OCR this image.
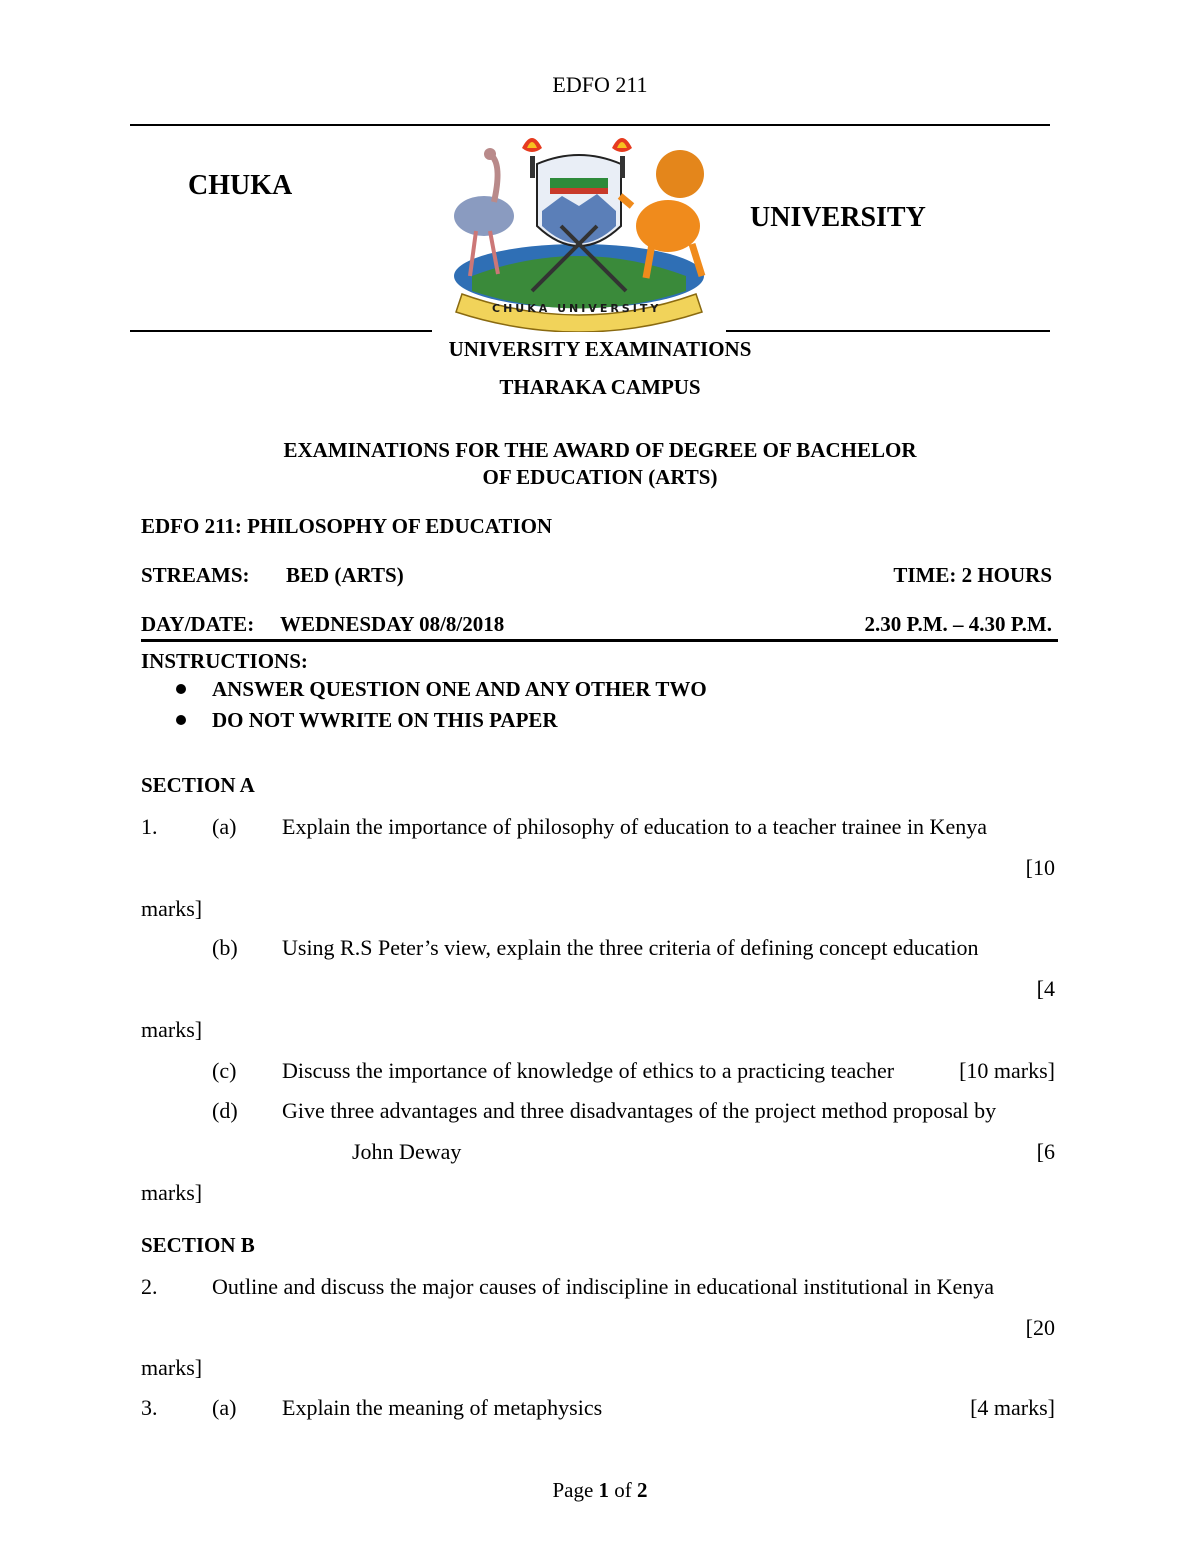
EDFO 211
CHUKA
UNIVERSITY
CHUKA UNIVERSITY
UNIVERSITY EXAMINATIONS
THARAKA CAMPUS
EXAMINATIONS FOR THE AWARD OF DEGREE OF BACHELOR
OF EDUCATION (ARTS)
EDFO 211: PHILOSOPHY OF EDUCATION
STREAMS: BED (ARTS)	TIME: 2 HOURS
DAY/DATE: WEDNESDAY 08/8/2018	2.30 P.M. – 4.30 P.M.
INSTRUCTIONS:
ANSWER QUESTION ONE AND ANY OTHER TWO
DO NOT WWRITE ON THIS PAPER
SECTION A
1. (a) Explain the importance of philosophy of education to a teacher trainee in Kenya
[10
marks]
(b) Using R.S Peter’s view, explain the three criteria of defining concept education
[4
marks]
(c) Discuss the importance of knowledge of ethics to a practicing teacher	[10 marks]
(d) Give three advantages and three disadvantages of the project method proposal by
John Deway	[6
marks]
SECTION B
2. Outline and discuss the major causes of indiscipline in educational institutional in Kenya
[20
marks]
3. (a) Explain the meaning of metaphysics	[4 marks]
Page 1 of 2
